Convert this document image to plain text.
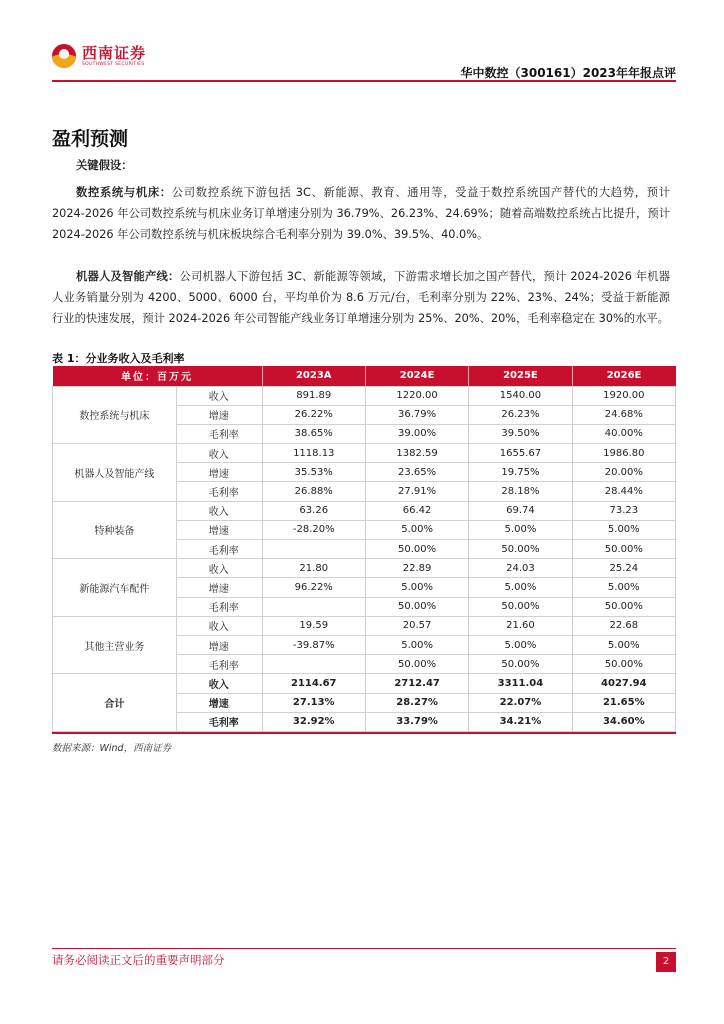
西南证券
SOUTHWEST SECURITIES
华中数控（300161）2023年年报点评
盈利预测
关键假设：
数控系统与机床：公司数控系统下游包括 3C、新能源、教育、通用等，受益于数控系统国产替代的大趋势，预计 2024-2026 年公司数控系统与机床业务订单增速分别为 36.79%、26.23%、24.69%；随着高端数控系统占比提升，预计 2024-2026 年公司数控系统与机床板块综合毛利率分别为 39.0%、39.5%、40.0%。
机器人及智能产线：公司机器人下游包括 3C、新能源等领域，下游需求增长加之国产替代，预计 2024-2026 年机器人业务销量分别为 4200、5000、6000 台，平均单价为 8.6 万元/台，毛利率分别为 22%、23%、24%；受益于新能源行业的快速发展，预计 2024-2026 年公司智能产线业务订单增速分别为 25%、20%、20%，毛利率稳定在 30%的水平。
表 1：分业务收入及毛利率
单位：百万元		2023A	2024E	2025E	2026E
数控系统与机床	收入	891.89	1220.00	1540.00	1920.00
	增速	26.22%	36.79%	26.23%	24.68%
	毛利率	38.65%	39.00%	39.50%	40.00%
机器人及智能产线	收入	1118.13	1382.59	1655.67	1986.80
	增速	35.53%	23.65%	19.75%	20.00%
	毛利率	26.88%	27.91%	28.18%	28.44%
特种装备	收入	63.26	66.42	69.74	73.23
	增速	-28.20%	5.00%	5.00%	5.00%
	毛利率		50.00%	50.00%	50.00%
新能源汽车配件	收入	21.80	22.89	24.03	25.24
	增速	96.22%	5.00%	5.00%	5.00%
	毛利率		50.00%	50.00%	50.00%
其他主营业务	收入	19.59	20.57	21.60	22.68
	增速	-39.87%	5.00%	5.00%	5.00%
	毛利率		50.00%	50.00%	50.00%
合计	收入	2114.67	2712.47	3311.04	4027.94
	增速	27.13%	28.27%	22.07%	21.65%
	毛利率	32.92%	33.79%	34.21%	34.60%
数据来源：Wind，西南证券
请务必阅读正文后的重要声明部分	2
